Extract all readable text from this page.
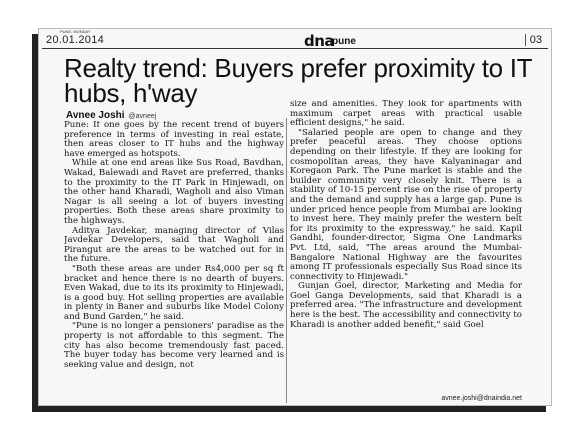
PUNE, MONDAY
20.01.2014	dna
pune	03
Realty trend: Buyers prefer proximity to IT hubs, h'way
Avnee Joshi @avneej

Pune: If one goes by the recent trend of buyers preference in terms of investing in real estate, then areas closer to IT hubs and the highway have emerged as hotspots.

While at one end areas like Sus Road, Bavdhan, Wakad, Balewadi and Ravet are preferred, thanks to the proximity to the IT Park in Hinjewadi, on the other hand Kharadi, Wagholi and also Viman Nagar is all seeing a lot of buyers investing properties. Both these areas share proximity to the highways.

Aditya Javdekar, managing director of Vilas Javdekar Developers, said that Wagholi and Pirangut are the areas to be watched out for in the future.

"Both these areas are under Rs4,000 per sq ft bracket and hence there is no dearth of buyers. Even Wakad, due to its its proximity to Hinjewadi, is a good buy. Hot selling properties are available in plenty in Baner and suburbs like Model Colony and Bund Garden," he said.

"Pune is no longer a pensioners' paradise as the property is not affordable to this segment. The city has also become tremendously fast paced. The buyer today has become very learned and is seeking value and design, not

size and amenities. They look for apartments with maximum carpet areas with practical usable efficient designs," he said.

"Salaried people are open to change and they prefer peaceful areas. They choose options depending on their lifestyle. If they are looking for cosmopolitan areas, they have Kalyaninagar and Koregaon Park. The Pune market is stable and the builder community very closely knit. There is a stability of 10-15 percent rise on the rise of property and the demand and supply has a large gap. Pune is under priced hence people from Mumbai are looking to invest here. They mainly prefer the western belt for its proximity to the expressway," he said. Kapil Gandhi, founder-director, Sigma One Landmarks Pvt. Ltd, said, "The areas around the Mumbai-Bangalore National Highway are the favourites among IT professionals especially Sus Road since its connectivity to Hinjewadi."

Gunjan Goel, director, Marketing and Media for Goel Ganga Developments, said that Kharadi is a preferred area. "The infrastructure and development here is the best. The accessibility and connectivity to Kharadi is another added benefit," said Goel

avnee.joshi@dnaindia.net
